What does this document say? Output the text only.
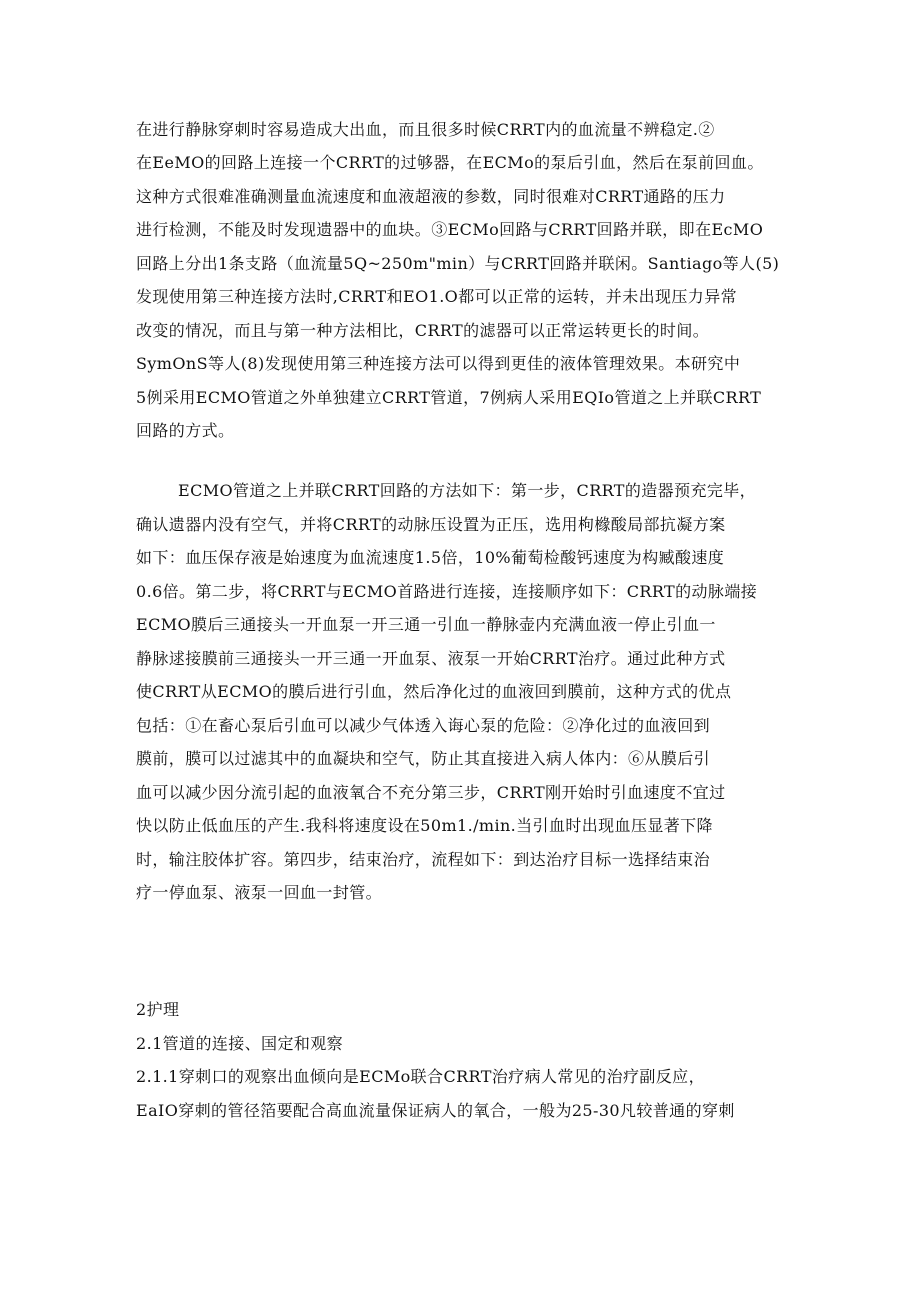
在进行静脉穿刺时容易造成大出血，而且很多时候CRRT内的血流量不辨稳定.②

在EeMO的回路上连接一个CRRT的过够器，在ECMo的泵后引血，然后在泵前回血。

这种方式很难准确测量血流速度和血液超液的参数，同时很难对CRRT通路的压力

进行检测，不能及时发现遗器中的血块。③ECMo回路与CRRT回路并联，即在EcMO

回路上分出1条支路（血流量5Q~250m"min）与CRRT回路并联闲。Santiago等人(5)

发现使用第三种连接方法时,CRRT和EO1.O都可以正常的运转，并未出现压力异常

改变的情况，而且与第一种方法相比，CRRT的滤器可以正常运转更长的时间。

SymOnS等人(8)发现使用第三种连接方法可以得到更佳的液体管理效果。本研究中

5例采用ECMO管道之外单独建立CRRT管道，7例病人采用EQIo管道之上并联CRRT

回路的方式。

ECMO管道之上并联CRRT回路的方法如下：第一步，CRRT的造器预充完毕，

确认遗器内没有空气，并将CRRT的动脉压设置为正压，选用枸橼酸局部抗凝方案

如下：血压保存液是始速度为血流速度1.5倍，10%葡萄检酸钙速度为构臧酸速度

0.6倍。第二步，将CRRT与ECMO首路进行连接，连接顺序如下：CRRT的动脉端接

ECMO膜后三通接头一开血泵一开三通一引血一静脉壶内充满血液一停止引血一

静脉逑接膜前三通接头一开三通一开血泵、液泵一开始CRRT治疗。通过此种方式

使CRRT从ECMO的膜后进行引血，然后净化过的血液回到膜前，这种方式的优点

包括：①在畜心泵后引血可以减少气体透入诲心泵的危险：②净化过的血液回到

膜前，膜可以过滤其中的血凝块和空气，防止其直接进入病人体内：⑥从膜后引

血可以减少因分流引起的血液氧合不充分第三步，CRRT刚开始时引血速度不宜过

快以防止低血压的产生.我科将速度设在50m1./min.当引血时出现血压显著下降

时，输注胶体扩容。第四步，结束治疗，流程如下：到达治疗目标一选择结束治

疗一停血泵、液泵一回血一封管。

2护理

2.1管道的连接、国定和观察

2.1.1穿刺口的观察出血倾向是ECMo联合CRRT治疗病人常见的治疗副反应，

EaIO穿刺的管径箔要配合高血流量保证病人的氧合，一般为25-30凡较普通的穿刺
